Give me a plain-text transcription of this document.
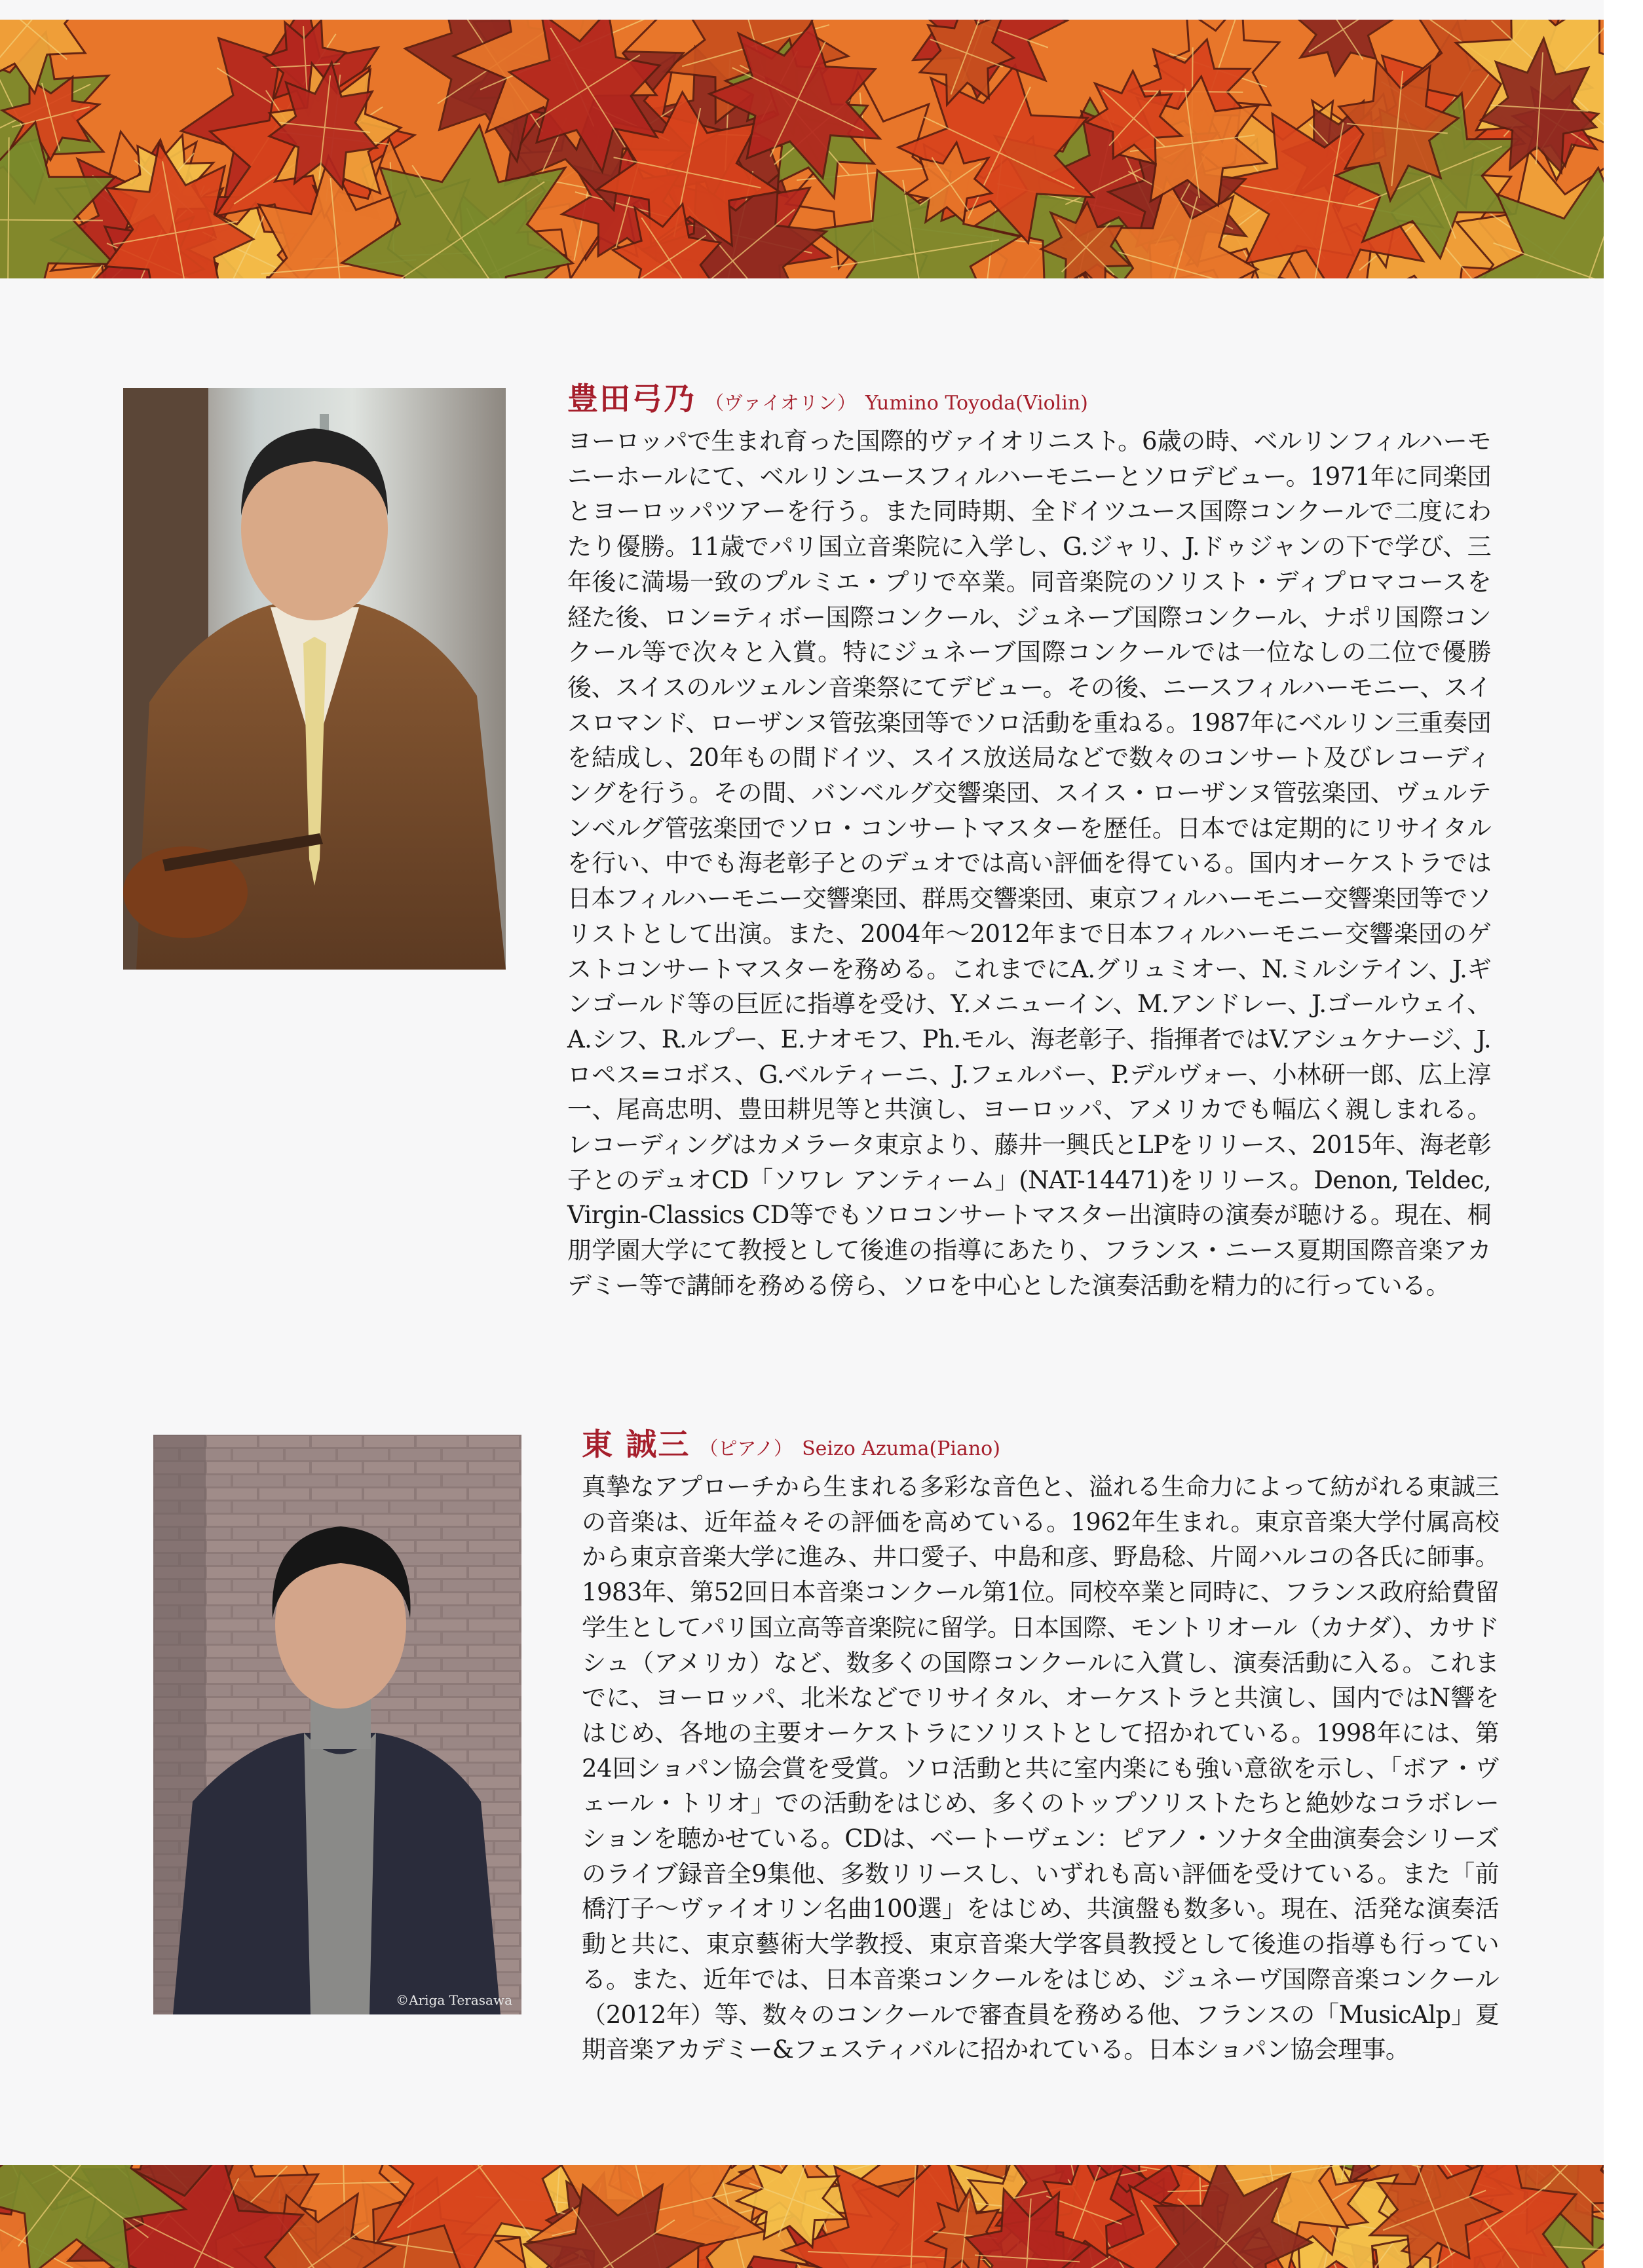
豊田弓乃 （ヴァイオリン） Yumino Toyoda(Violin)

ヨーロッパで生まれ育った国際的ヴァイオリニスト。6歳の時、ベルリンフィルハーモニーホールにて、ベルリンユースフィルハーモニーとソロデビュー。1971年に同楽団とヨーロッパツアーを行う。また同時期、全ドイツユース国際コンクールで二度にわたり優勝。11歳でパリ国立音楽院に入学し、G.ジャリ、J.ドゥジャンの下で学び、三年後に満場一致のプルミエ・プリで卒業。同音楽院のソリスト・ディプロマコースを経た後、ロン=ティボー国際コンクール、ジュネーブ国際コンクール、ナポリ国際コンクール等で次々と入賞。特にジュネーブ国際コンクールでは一位なしの二位で優勝後、スイスのルツェルン音楽祭にてデビュー。その後、ニースフィルハーモニー、スイスロマンド、ローザンヌ管弦楽団等でソロ活動を重ねる。1987年にベルリン三重奏団を結成し、20年もの間ドイツ、スイス放送局などで数々のコンサート及びレコーディングを行う。その間、バンベルグ交響楽団、スイス・ローザンヌ管弦楽団、ヴュルテンベルグ管弦楽団でソロ・コンサートマスターを歴任。日本では定期的にリサイタルを行い、中でも海老彰子とのデュオでは高い評価を得ている。国内オーケストラでは日本フィルハーモニー交響楽団、群馬交響楽団、東京フィルハーモニー交響楽団等でソリストとして出演。また、2004年～2012年まで日本フィルハーモニー交響楽団のゲストコンサートマスターを務める。これまでにA.グリュミオー、N.ミルシテイン、J.ギンゴールド等の巨匠に指導を受け、Y.メニューイン、M.アンドレー、J.ゴールウェイ、A.シフ、R.ルプー、E.ナオモフ、Ph.モル、海老彰子、指揮者ではV.アシュケナージ、J.ロペス=コボス、G.ベルティーニ、J.フェルバー、P.デルヴォー、小林研一郎、広上淳一、尾高忠明、豊田耕児等と共演し、ヨーロッパ、アメリカでも幅広く親しまれる。レコーディングはカメラータ東京より、藤井一興氏とLPをリリース、2015年、海老彰子とのデュオCD「ソワレ アンティーム」(NAT-14471)をリリース。Denon, Teldec, Virgin-Classics CD等でもソロコンサートマスター出演時の演奏が聴ける。現在、桐朋学園大学にて教授として後進の指導にあたり、フランス・ニース夏期国際音楽アカデミー等で講師を務める傍ら、ソロを中心とした演奏活動を精力的に行っている。

©Ariga Terasawa
東 誠三 （ピアノ） Seizo Azuma(Piano)

真摯なアプローチから生まれる多彩な音色と、溢れる生命力によって紡がれる東誠三の音楽は、近年益々その評価を高めている。1962年生まれ。東京音楽大学付属高校から東京音楽大学に進み、井口愛子、中島和彦、野島稔、片岡ハルコの各氏に師事。1983年、第52回日本音楽コンクール第1位。同校卒業と同時に、フランス政府給費留学生としてパリ国立高等音楽院に留学。日本国際、モントリオール（カナダ）、カサドシュ（アメリカ）など、数多くの国際コンクールに入賞し、演奏活動に入る。これまでに、ヨーロッパ、北米などでリサイタル、オーケストラと共演し、国内ではN響をはじめ、各地の主要オーケストラにソリストとして招かれている。1998年には、第24回ショパン協会賞を受賞。ソロ活動と共に室内楽にも強い意欲を示し、「ボア・ヴェール・トリオ」での活動をはじめ、多くのトップソリストたちと絶妙なコラボレーションを聴かせている。CDは、ベートーヴェン：ピアノ・ソナタ全曲演奏会シリーズのライブ録音全9集他、多数リリースし、いずれも高い評価を受けている。また「前橋汀子～ヴァイオリン名曲100選」をはじめ、共演盤も数多い。現在、活発な演奏活動と共に、東京藝術大学教授、東京音楽大学客員教授として後進の指導も行っている。また、近年では、日本音楽コンクールをはじめ、ジュネーヴ国際音楽コンクール（2012年）等、数々のコンクールで審査員を務める他、フランスの「MusicAlp」夏期音楽アカデミー&フェスティバルに招かれている。日本ショパン協会理事。
